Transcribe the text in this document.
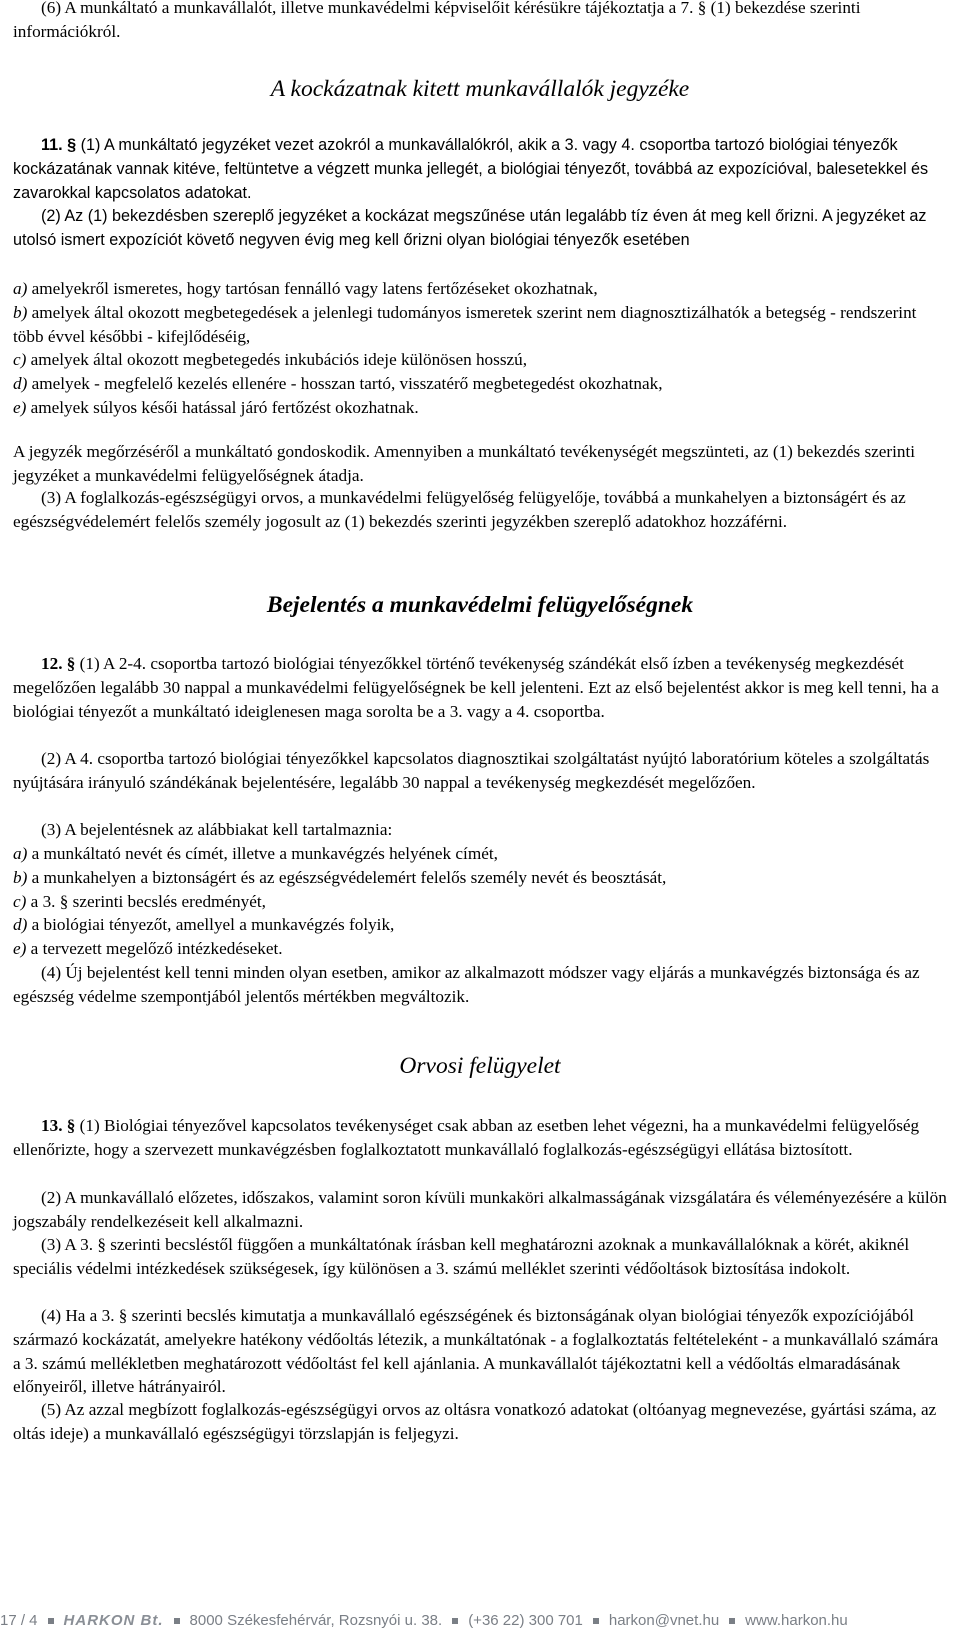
(6) A munkáltató a munkavállalót, illetve munkavédelmi képviselőit kérésükre tájékoztatja a 7. § (1) bekezdése szerinti információkról.

A kockázatnak kitett munkavállalók jegyzéke

11. § (1) A munkáltató jegyzéket vezet azokról a munkavállalókról, akik a 3. vagy 4. csoportba tartozó biológiai tényezők kockázatának vannak kitéve, feltüntetve a végzett munka jellegét, a biológiai tényezőt, továbbá az expozícióval, balesetekkel és zavarokkal kapcsolatos adatokat.

(2) Az (1) bekezdésben szereplő jegyzéket a kockázat megszűnése után legalább tíz éven át meg kell őrizni. A jegyzéket az utolsó ismert expozíciót követő negyven évig meg kell őrizni olyan biológiai tényezők esetében

a) amelyekről ismeretes, hogy tartósan fennálló vagy latens fertőzéseket okozhatnak,
b) amelyek által okozott megbetegedések a jelenlegi tudományos ismeretek szerint nem diagnosztizálhatók a betegség - rendszerint több évvel későbbi - kifejlődéséig,
c) amelyek által okozott megbetegedés inkubációs ideje különösen hosszú,
d) amelyek - megfelelő kezelés ellenére - hosszan tartó, visszatérő megbetegedést okozhatnak,
e) amelyek súlyos késői hatással járó fertőzést okozhatnak.

A jegyzék megőrzéséről a munkáltató gondoskodik. Amennyiben a munkáltató tevékenységét megszünteti, az (1) bekezdés szerinti jegyzéket a munkavédelmi felügyelőségnek átadja.

(3) A foglalkozás-egészségügyi orvos, a munkavédelmi felügyelőség felügyelője, továbbá a munkahelyen a biztonságért és az egészségvédelemért felelős személy jogosult az (1) bekezdés szerinti jegyzékben szereplő adatokhoz hozzáférni.

Bejelentés a munkavédelmi felügyelőségnek

12. § (1) A 2-4. csoportba tartozó biológiai tényezőkkel történő tevékenység szándékát első ízben a tevékenység megkezdését megelőzően legalább 30 nappal a munkavédelmi felügyelőségnek be kell jelenteni. Ezt az első bejelentést akkor is meg kell tenni, ha a biológiai tényezőt a munkáltató ideiglenesen maga sorolta be a 3. vagy a 4. csoportba.

(2) A 4. csoportba tartozó biológiai tényezőkkel kapcsolatos diagnosztikai szolgáltatást nyújtó laboratórium köteles a szolgáltatás nyújtására irányuló szándékának bejelentésére, legalább 30 nappal a tevékenység megkezdését megelőzően.

(3) A bejelentésnek az alábbiakat kell tartalmaznia:

a) a munkáltató nevét és címét, illetve a munkavégzés helyének címét,
b) a munkahelyen a biztonságért és az egészségvédelemért felelős személy nevét és beosztását,
c) a 3. § szerinti becslés eredményét,
d) a biológiai tényezőt, amellyel a munkavégzés folyik,
e) a tervezett megelőző intézkedéseket.

(4) Új bejelentést kell tenni minden olyan esetben, amikor az alkalmazott módszer vagy eljárás a munkavégzés biztonsága és az egészség védelme szempontjából jelentős mértékben megváltozik.

Orvosi felügyelet

13. § (1) Biológiai tényezővel kapcsolatos tevékenységet csak abban az esetben lehet végezni, ha a munkavédelmi felügyelőség ellenőrizte, hogy a szervezett munkavégzésben foglalkoztatott munkavállaló foglalkozás-egészségügyi ellátása biztosított.

(2) A munkavállaló előzetes, időszakos, valamint soron kívüli munkaköri alkalmasságának vizsgálatára és véleményezésére a külön jogszabály rendelkezéseit kell alkalmazni.

(3) A 3. § szerinti becsléstől függően a munkáltatónak írásban kell meghatározni azoknak a munkavállalóknak a körét, akiknél speciális védelmi intézkedések szükségesek, így különösen a 3. számú melléklet szerinti védőoltások biztosítása indokolt.

(4) Ha a 3. § szerinti becslés kimutatja a munkavállaló egészségének és biztonságának olyan biológiai tényezők expozíciójából származó kockázatát, amelyekre hatékony védőoltás létezik, a munkáltatónak - a foglalkoztatás feltételeként - a munkavállaló számára a 3. számú mellékletben meghatározott védőoltást fel kell ajánlania. A munkavállalót tájékoztatni kell a védőoltás elmaradásának előnyeiről, illetve hátrányairól.

(5) Az azzal megbízott foglalkozás-egészségügyi orvos az oltásra vonatkozó adatokat (oltóanyag megnevezése, gyártási száma, az oltás ideje) a munkavállaló egészségügyi törzslapján is feljegyzi.

17 / 4 HARKON Bt. 8000 Székesfehérvár, Rozsnyói u. 38. (+36 22) 300 701 harkon@vnet.hu www.harkon.hu
